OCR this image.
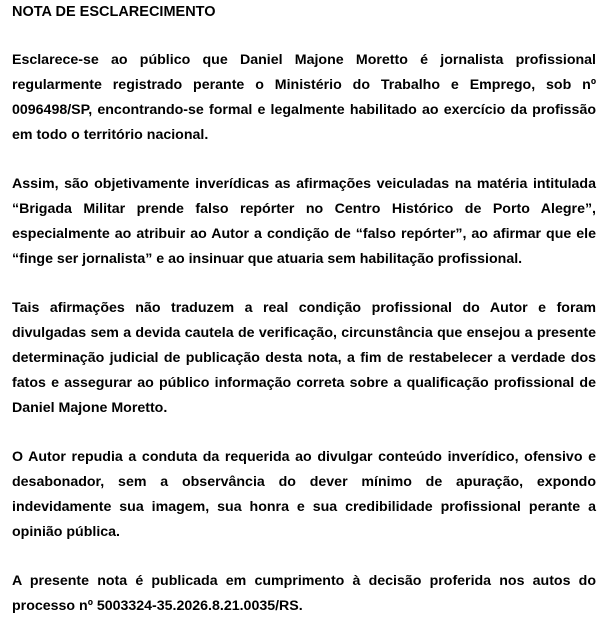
NOTA DE ESCLARECIMENTO

Esclarece-se ao público que Daniel Majone Moretto é jornalista profissional regularmente registrado perante o Ministério do Trabalho e Emprego, sob nº 0096498/SP, encontrando-se formal e legalmente habilitado ao exercício da profissão em todo o território nacional.

Assim, são objetivamente inverídicas as afirmações veiculadas na matéria intitulada “Brigada Militar prende falso repórter no Centro Histórico de Porto Alegre”, especialmente ao atribuir ao Autor a condição de “falso repórter”, ao afirmar que ele “finge ser jornalista” e ao insinuar que atuaria sem habilitação profissional.

Tais afirmações não traduzem a real condição profissional do Autor e foram divulgadas sem a devida cautela de verificação, circunstância que ensejou a presente determinação judicial de publicação desta nota, a fim de restabelecer a verdade dos fatos e assegurar ao público informação correta sobre a qualificação profissional de Daniel Majone Moretto.

O Autor repudia a conduta da requerida ao divulgar conteúdo inverídico, ofensivo e desabonador, sem a observância do dever mínimo de apuração, expondo indevidamente sua imagem, sua honra e sua credibilidade profissional perante a opinião pública.

A presente nota é publicada em cumprimento à decisão proferida nos autos do processo nº 5003324-35.2026.8.21.0035/RS.
